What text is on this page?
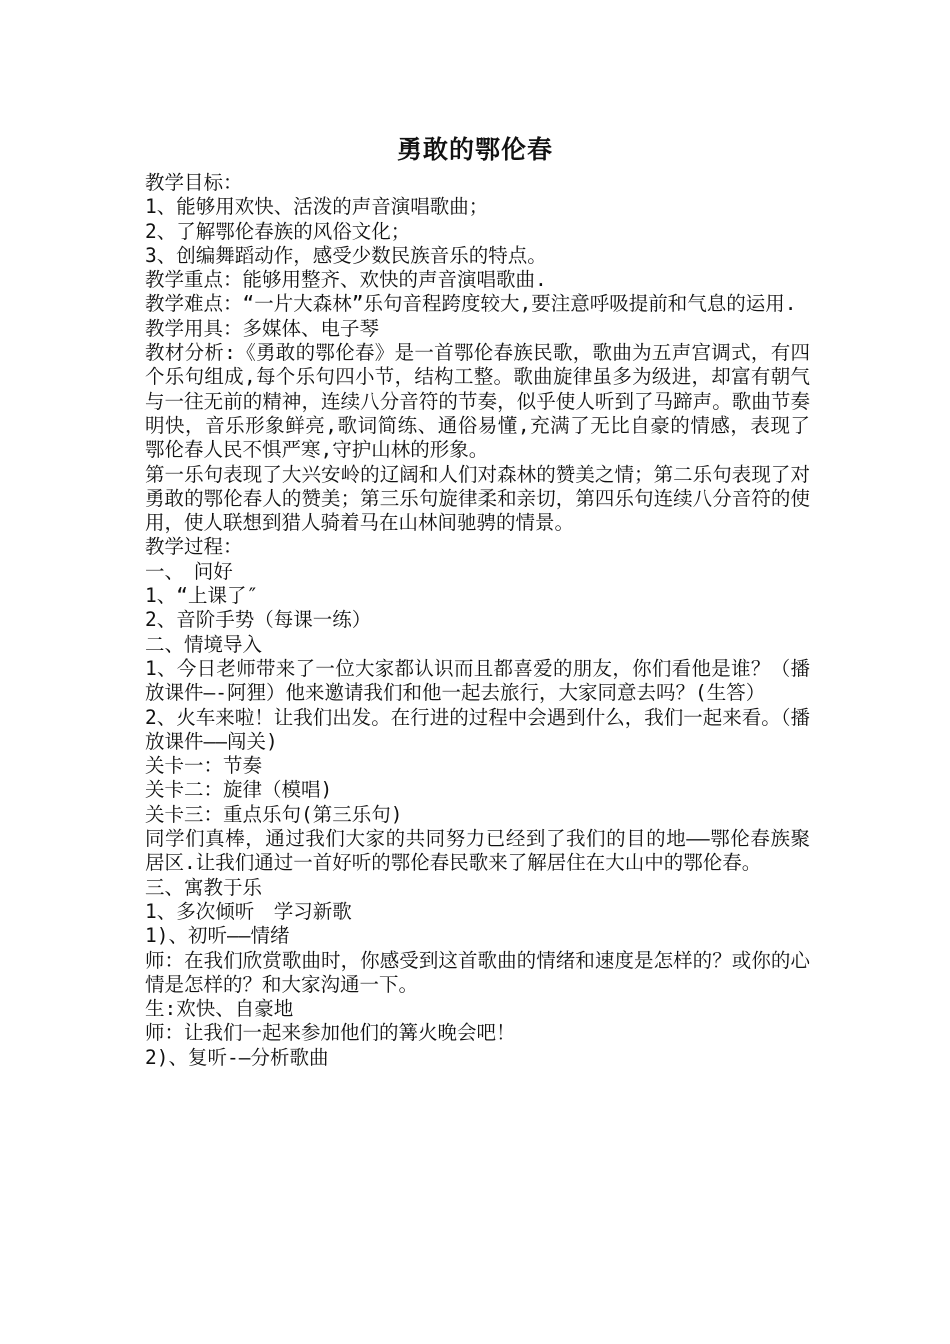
勇敢的鄂伦春

教学目标：

1、能够用欢快、活泼的声音演唱歌曲；

2、了解鄂伦春族的风俗文化；

3、创编舞蹈动作，感受少数民族音乐的特点。

教学重点：能够用整齐、欢快的声音演唱歌曲.

教学难点：“一片大森林”乐句音程跨度较大,要注意呼吸提前和气息的运用.

教学用具：多媒体、电子琴

教材分析:《勇敢的鄂伦春》是一首鄂伦春族民歌，歌曲为五声宫调式，有四个乐句组成,每个乐句四小节，结构工整。歌曲旋律虽多为级进，却富有朝气与一往无前的精神，连续八分音符的节奏，似乎使人听到了马蹄声。歌曲节奏明快，音乐形象鲜亮,歌词简练、通俗易懂,充满了无比自豪的情感，表现了鄂伦春人民不惧严寒,守护山林的形象。

第一乐句表现了大兴安岭的辽阔和人们对森林的赞美之情；第二乐句表现了对勇敢的鄂伦春人的赞美；第三乐句旋律柔和亲切，第四乐句连续八分音符的使用，使人联想到猎人骑着马在山林间驰骋的情景。

教学过程：

一、　问好

1、“上课了″

2、音阶手势（每课一练）

二、情境导入

1、今日老师带来了一位大家都认识而且都喜爱的朋友，你们看他是谁？（播放课件—-阿狸）他来邀请我们和他一起去旅行，大家同意去吗？(生答）

2、火车来啦！让我们出发。在行进的过程中会遇到什么，我们一起来看。（播放课件——闯关)

关卡一：节奏

关卡二：旋律（模唱)

关卡三：重点乐句(第三乐句)

同学们真棒，通过我们大家的共同努力已经到了我们的目的地——鄂伦春族聚居区.让我们通过一首好听的鄂伦春民歌来了解居住在大山中的鄂伦春。

三、寓教于乐

1、多次倾听　学习新歌

1)、初听——情绪

师：在我们欣赏歌曲时，你感受到这首歌曲的情绪和速度是怎样的？或你的心情是怎样的？和大家沟通一下。

生:欢快、自豪地

师：让我们一起来参加他们的篝火晚会吧！

2)、复听-—分析歌曲
